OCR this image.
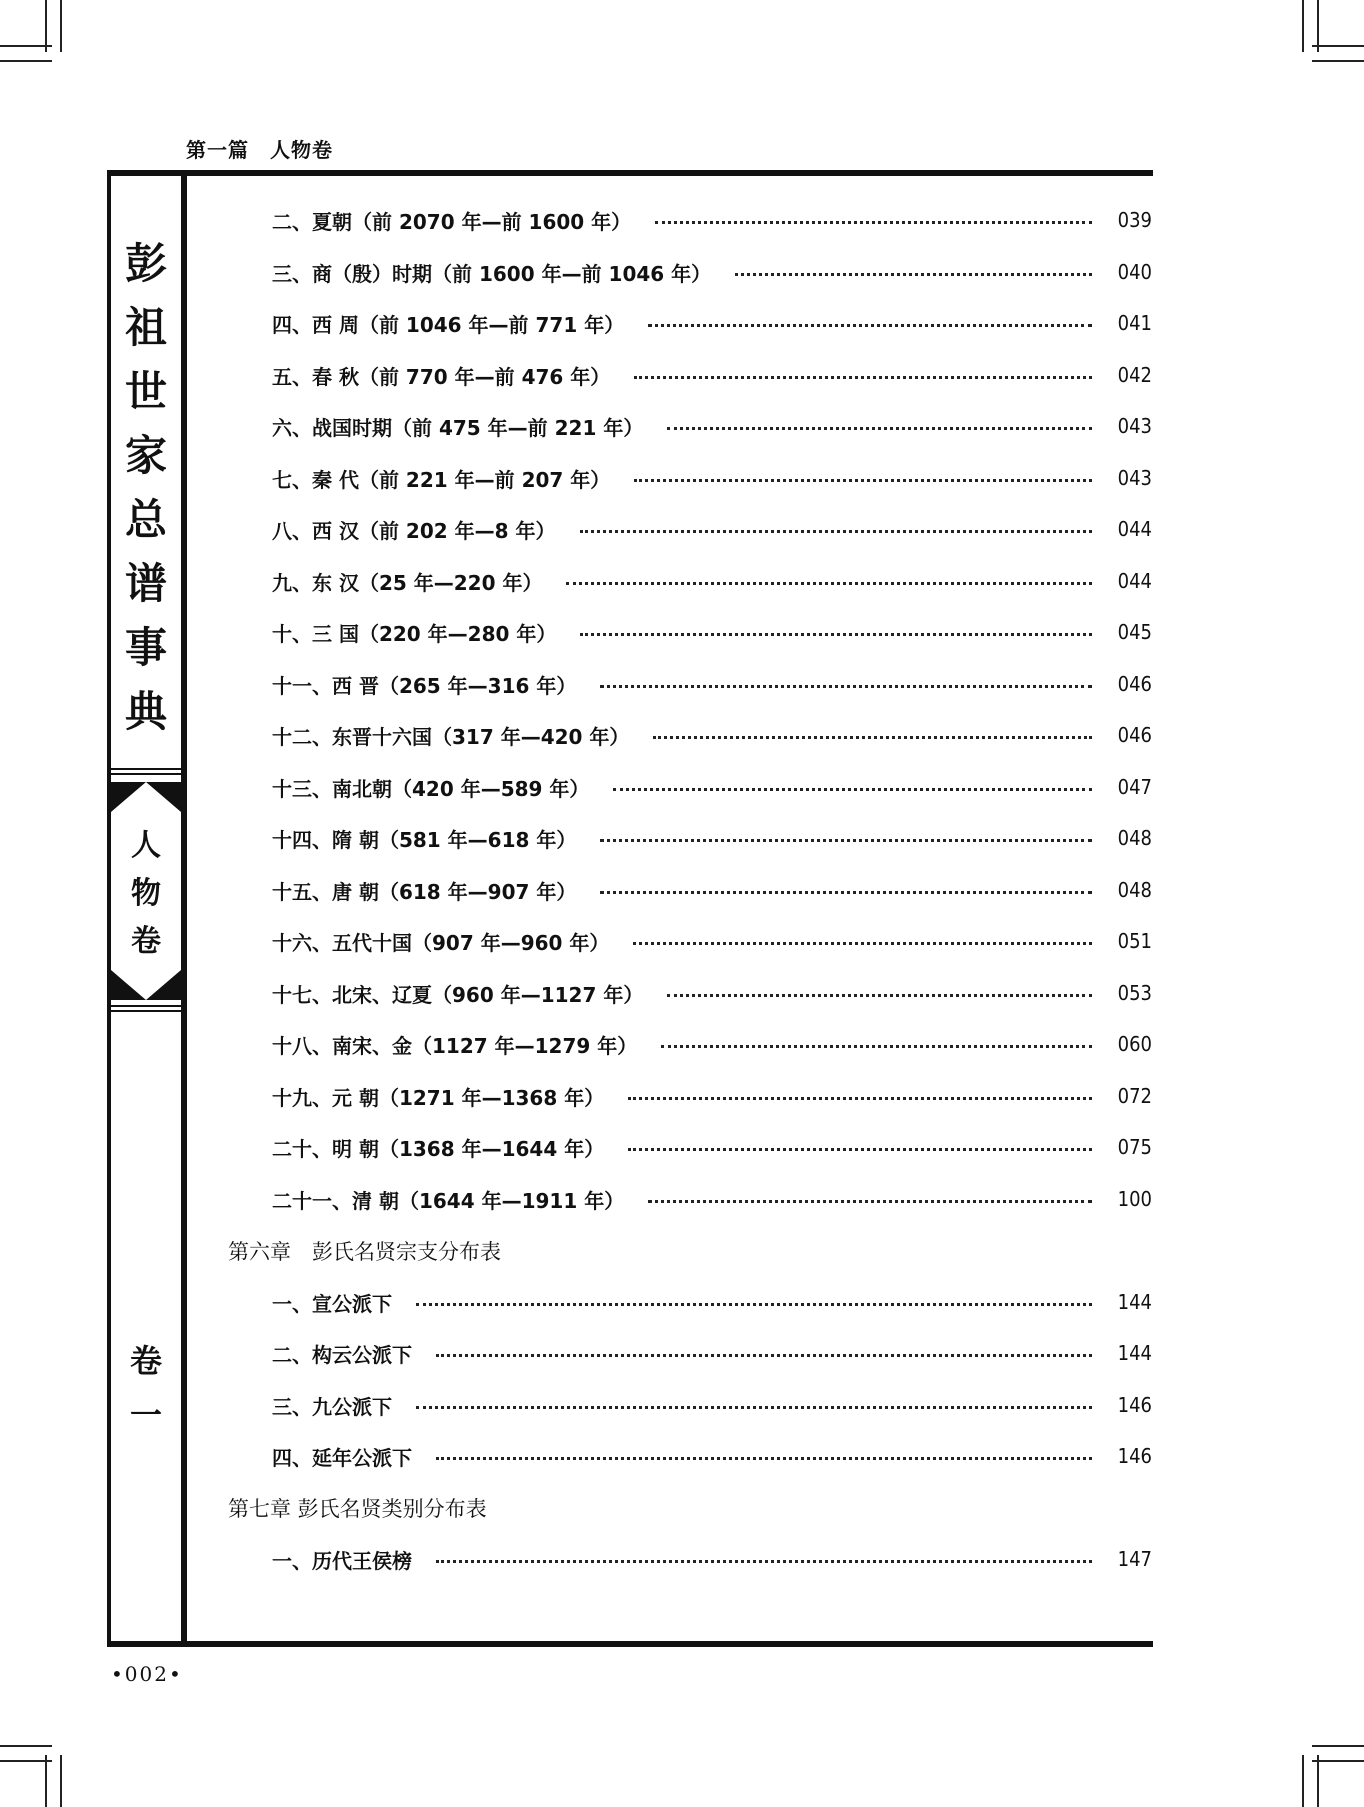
第一篇　人物卷
彭
祖
世
家
总
谱
事
典
人
物
卷
卷
一
二、夏朝（前 2070 年—前 1600 年）	039
三、商（殷）时期（前 1600 年—前 1046 年）	040
四、西 周（前 1046 年—前 771 年）	041
五、春 秋（前 770 年—前 476 年）	042
六、战国时期（前 475 年—前 221 年）	043
七、秦 代（前 221 年—前 207 年）	043
八、西 汉（前 202 年—8 年）	044
九、东 汉（25 年—220 年）	044
十、三 国（220 年—280 年）	045
十一、西 晋（265 年—316 年）	046
十二、东晋十六国（317 年—420 年）	046
十三、南北朝（420 年—589 年）	047
十四、隋 朝（581 年—618 年）	048
十五、唐 朝（618 年—907 年）	048
十六、五代十国（907 年—960 年）	051
十七、北宋、辽夏（960 年—1127 年）	053
十八、南宋、金（1127 年—1279 年）	060
十九、元 朝（1271 年—1368 年）	072
二十、明 朝（1368 年—1644 年）	075
二十一、清 朝（1644 年—1911 年）	100
第六章　彭氏名贤宗支分布表
一、宣公派下	144
二、构云公派下	144
三、九公派下	146
四、延年公派下	146
第七章 彭氏名贤类别分布表
一、历代王侯榜	147
•002•
